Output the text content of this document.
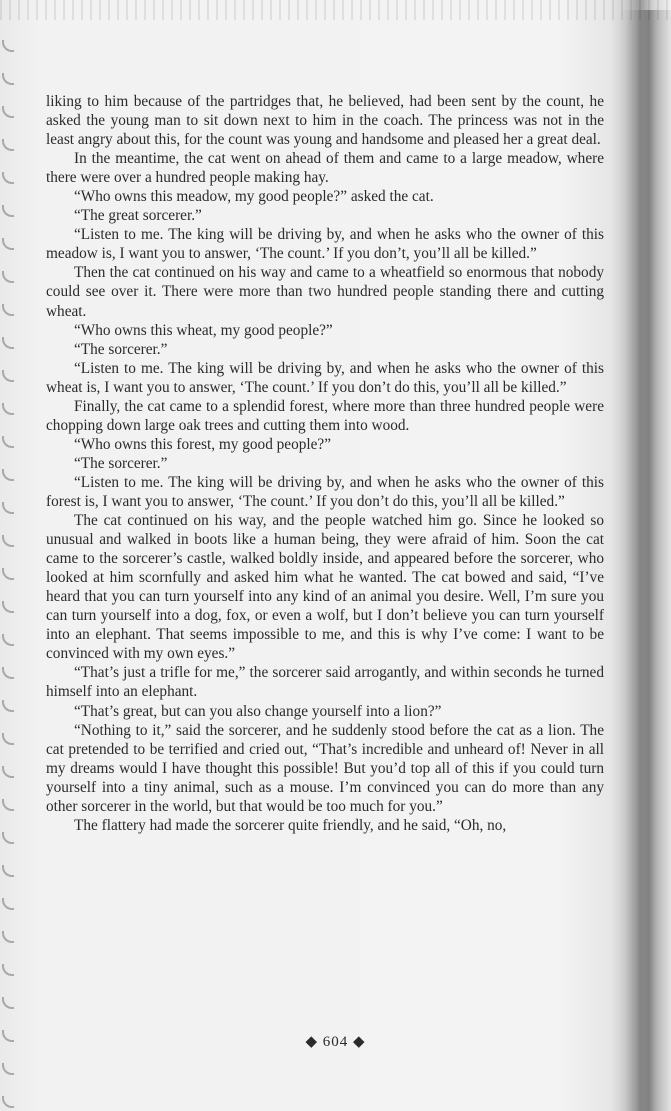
liking to him because of the partridges that, he believed, had been sent by the count, he asked the young man to sit down next to him in the coach. The princess was not in the least angry about this, for the count was young and handsome and pleased her a great deal.

In the meantime, the cat went on ahead of them and came to a large meadow, where there were over a hundred people making hay.

“Who owns this meadow, my good people?” asked the cat.

“The great sorcerer.”

“Listen to me. The king will be driving by, and when he asks who the owner of this meadow is, I want you to answer, ‘The count.’ If you don’t, you’ll all be killed.”

Then the cat continued on his way and came to a wheatfield so enormous that nobody could see over it. There were more than two hundred people standing there and cutting wheat.

“Who owns this wheat, my good people?”

“The sorcerer.”

“Listen to me. The king will be driving by, and when he asks who the owner of this wheat is, I want you to answer, ‘The count.’ If you don’t do this, you’ll all be killed.”

Finally, the cat came to a splendid forest, where more than three hundred people were chopping down large oak trees and cutting them into wood.

“Who owns this forest, my good people?”

“The sorcerer.”

“Listen to me. The king will be driving by, and when he asks who the owner of this forest is, I want you to answer, ‘The count.’ If you don’t do this, you’ll all be killed.”

The cat continued on his way, and the people watched him go. Since he looked so unusual and walked in boots like a human being, they were afraid of him. Soon the cat came to the sorcerer’s castle, walked boldly inside, and appeared before the sorcerer, who looked at him scornfully and asked him what he wanted. The cat bowed and said, “I’ve heard that you can turn yourself into any kind of an animal you desire. Well, I’m sure you can turn yourself into a dog, fox, or even a wolf, but I don’t believe you can turn yourself into an elephant. That seems impossible to me, and this is why I’ve come: I want to be convinced with my own eyes.”

“That’s just a trifle for me,” the sorcerer said arrogantly, and within seconds he turned himself into an elephant.

“That’s great, but can you also change yourself into a lion?”

“Nothing to it,” said the sorcerer, and he suddenly stood before the cat as a lion. The cat pretended to be terrified and cried out, “That’s incredible and unheard of! Never in all my dreams would I have thought this possible! But you’d top all of this if you could turn yourself into a tiny animal, such as a mouse. I’m convinced you can do more than any other sorcerer in the world, but that would be too much for you.”

The flattery had made the sorcerer quite friendly, and he said, “Oh, no,

◆ 604 ◆
